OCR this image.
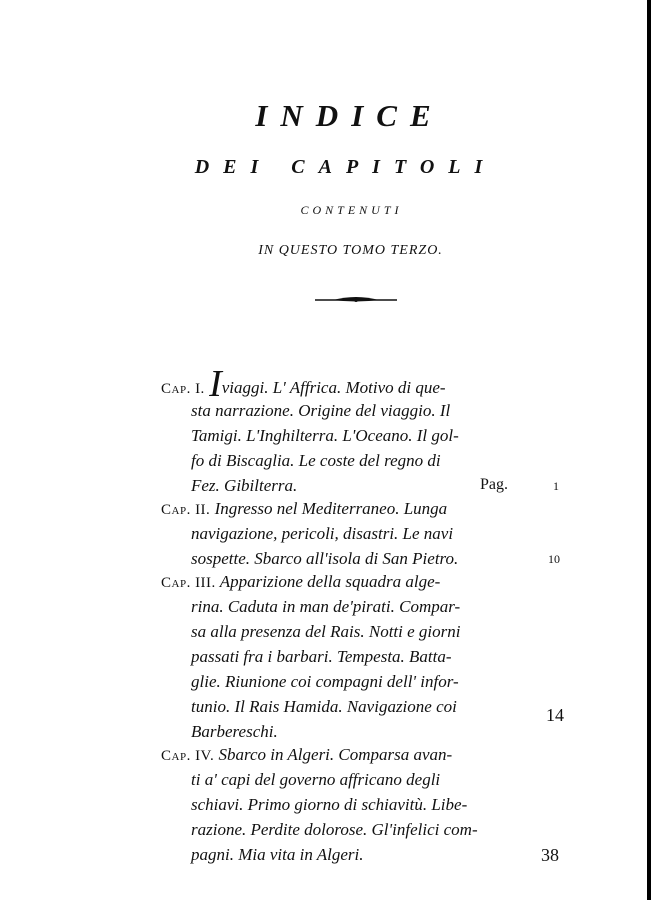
INDICE
DEI CAPITOLI
CONTENUTI
IN QUESTO TOMO TERZO.
Cap. I. Iviaggi. L' Affrica. Motivo di que-
sta narrazione. Origine del viaggio. Il
Tamigi. L'Inghilterra. L'Oceano. Il gol-
fo di Biscaglia. Le coste del regno di
Fez. Gibilterra.	Pag.	1
Cap. II. Ingresso nel Mediterraneo. Lunga
navigazione, pericoli, disastri. Le navi
sospette. Sbarco all'isola di San Pietro.	10
Cap. III. Apparizione della squadra alge-
rina. Caduta in man de'pirati. Compar-
sa alla presenza del Rais. Notti e giorni
passati fra i barbari. Tempesta. Batta-
glie. Riunione coi compagni dell' infor-
tunio. Il Rais Hamida. Navigazione coi
Barbereschi.
14
Cap. IV. Sbarco in Algeri. Comparsa avan-
ti a' capi del governo affricano degli
schiavi. Primo giorno di schiavitù. Libe-
razione. Perdite dolorose. Gl'infelici com-
pagni. Mia vita in Algeri.	38
